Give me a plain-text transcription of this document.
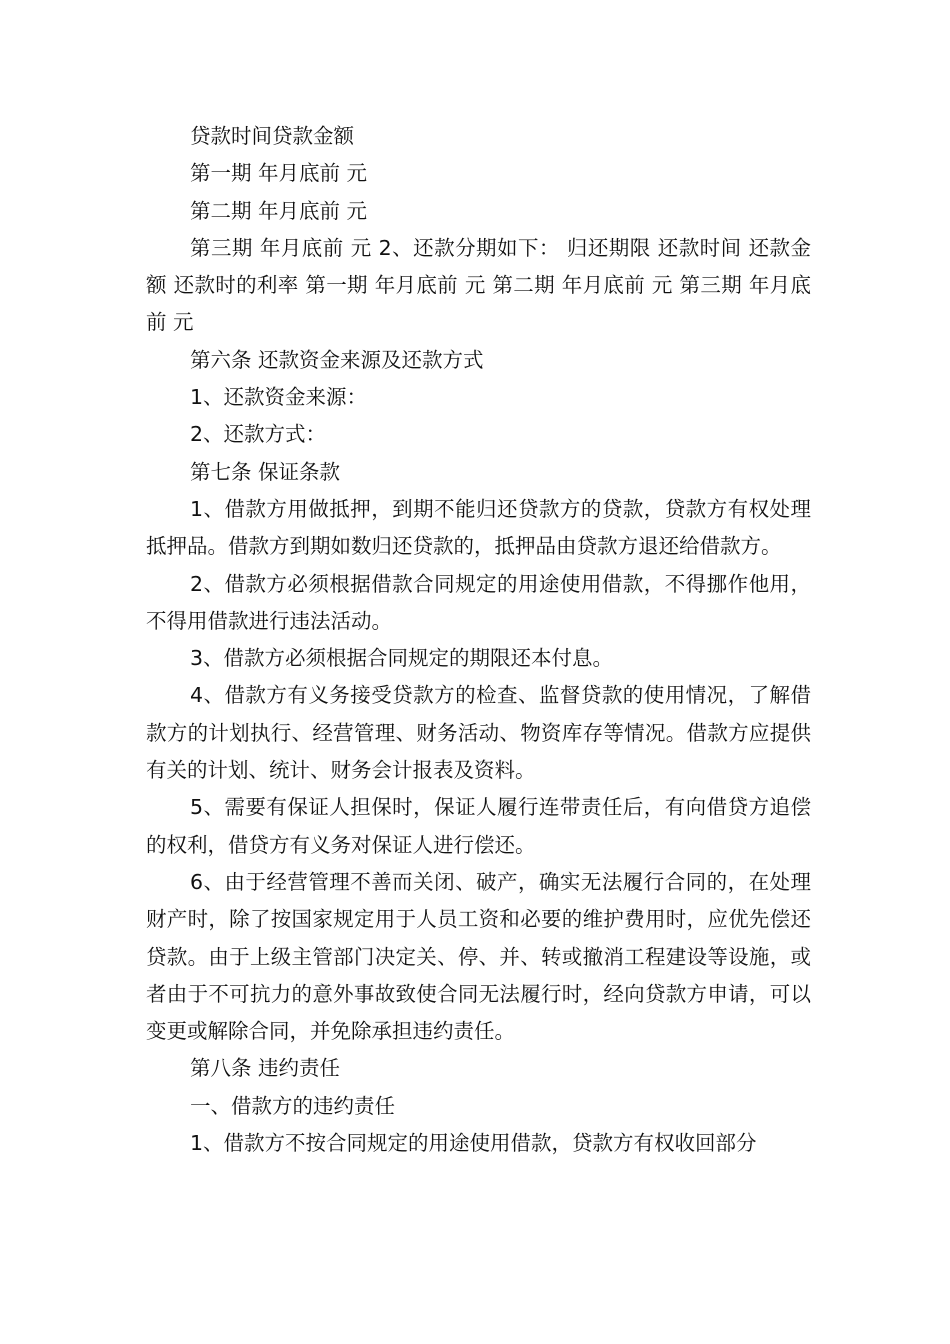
贷款时间贷款金额

第一期 年月底前 元

第二期 年月底前 元

第三期 年月底前 元 2、还款分期如下： 归还期限 还款时间 还款金额 还款时的利率 第一期 年月底前 元 第二期 年月底前 元 第三期 年月底前 元

第六条 还款资金来源及还款方式

1、还款资金来源：

2、还款方式：

第七条 保证条款

1、借款方用做抵押，到期不能归还贷款方的贷款，贷款方有权处理抵押品。借款方到期如数归还贷款的，抵押品由贷款方退还给借款方。

2、借款方必须根据借款合同规定的用途使用借款，不得挪作他用，不得用借款进行违法活动。

3、借款方必须根据合同规定的期限还本付息。

4、借款方有义务接受贷款方的检查、监督贷款的使用情况，了解借款方的计划执行、经营管理、财务活动、物资库存等情况。借款方应提供有关的计划、统计、财务会计报表及资料。

5、需要有保证人担保时，保证人履行连带责任后，有向借贷方追偿的权利，借贷方有义务对保证人进行偿还。

6、由于经营管理不善而关闭、破产，确实无法履行合同的，在处理财产时，除了按国家规定用于人员工资和必要的维护费用时，应优先偿还贷款。由于上级主管部门决定关、停、并、转或撤消工程建设等设施，或者由于不可抗力的意外事故致使合同无法履行时，经向贷款方申请，可以变更或解除合同，并免除承担违约责任。

第八条 违约责任

一、借款方的违约责任

1、借款方不按合同规定的用途使用借款，贷款方有权收回部分
